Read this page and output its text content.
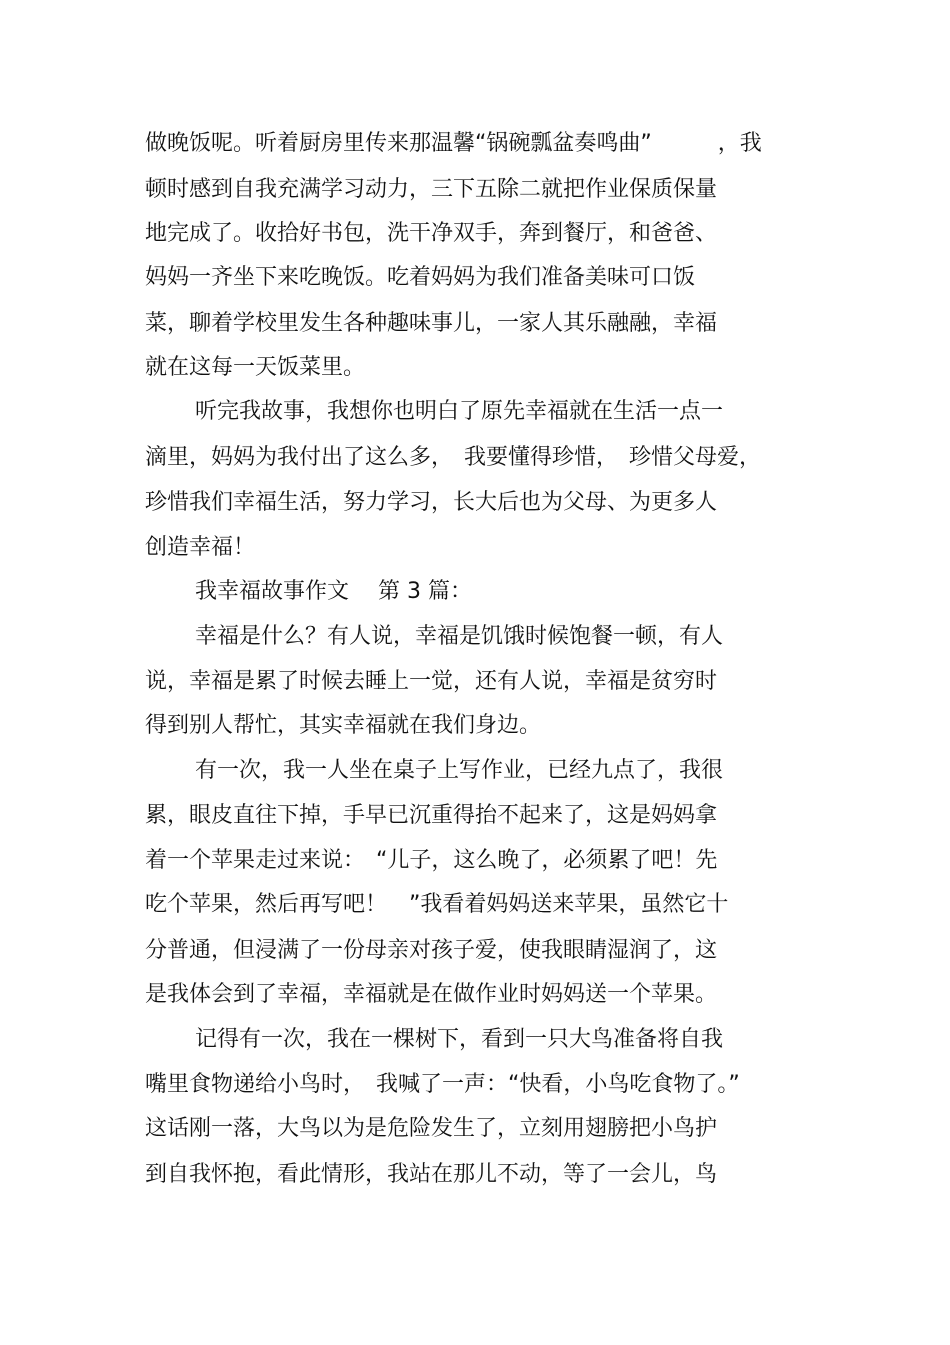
做晚饭呢。听着厨房里传来那温馨“锅碗瓢盆奏鸣曲”　　　，我
顿时感到自我充满学习动力，三下五除二就把作业保质保量
地完成了。收拾好书包，洗干净双手，奔到餐厅，和爸爸、
妈妈一齐坐下来吃晚饭。吃着妈妈为我们准备美味可口饭
菜，聊着学校里发生各种趣味事儿，一家人其乐融融，幸福
就在这每一天饭菜里。
听完我故事，我想你也明白了原先幸福就在生活一点一
滴里，妈妈为我付出了这么多，　我要懂得珍惜，　珍惜父母爱，
珍惜我们幸福生活，努力学习，长大后也为父母、为更多人
创造幸福！
我幸福故事作文　 第 3 篇：
幸福是什么？有人说，幸福是饥饿时候饱餐一顿，有人
说，幸福是累了时候去睡上一觉，还有人说，幸福是贫穷时
得到别人帮忙，其实幸福就在我们身边。
有一次，我一人坐在桌子上写作业，已经九点了，我很
累，眼皮直往下掉，手早已沉重得抬不起来了，这是妈妈拿
着一个苹果走过来说：　“儿子，这么晚了，必须累了吧！先
吃个苹果，然后再写吧！　”我看着妈妈送来苹果，虽然它十
分普通，但浸满了一份母亲对孩子爱，使我眼睛湿润了，这
是我体会到了幸福，幸福就是在做作业时妈妈送一个苹果。
记得有一次，我在一棵树下，看到一只大鸟准备将自我
嘴里食物递给小鸟时，　我喊了一声：“快看，小鸟吃食物了。”
这话刚一落，大鸟以为是危险发生了，立刻用翅膀把小鸟护
到自我怀抱，看此情形，我站在那儿不动，等了一会儿，鸟
